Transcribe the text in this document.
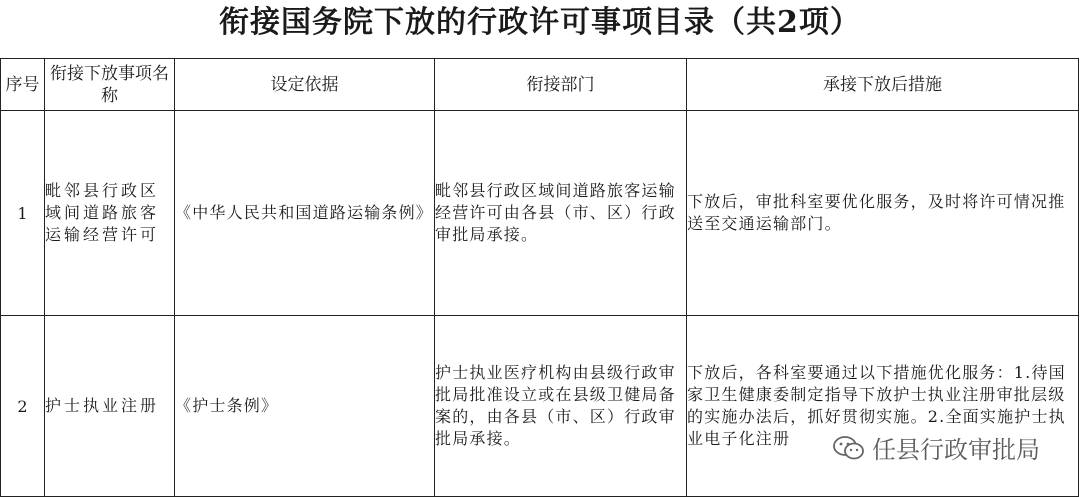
衔接国务院下放的行政许可事项目录（共2项）
序号	衔接下放事项名称	设定依据	衔接部门	承接下放后措施
1	毗邻县行政区域间道路旅客运输经营许可	《中华人民共和国道路运输条例》	毗邻县行政区域间道路旅客运输经营许可由各县（市、区）行政审批局承接。	下放后，审批科室要优化服务，及时将许可情况推送至交通运输部门。
2	护士执业注册	《护士条例》	护士执业医疗机构由县级行政审批局批准设立或在县级卫健局备案的，由各县（市、区）行政审批局承接。	下放后，各科室要通过以下措施优化服务：1.待国家卫生健康委制定指导下放护士执业注册审批层级的实施办法后，抓好贯彻实施。2.全面实施护士执业电子化注册	任县行政审批局
